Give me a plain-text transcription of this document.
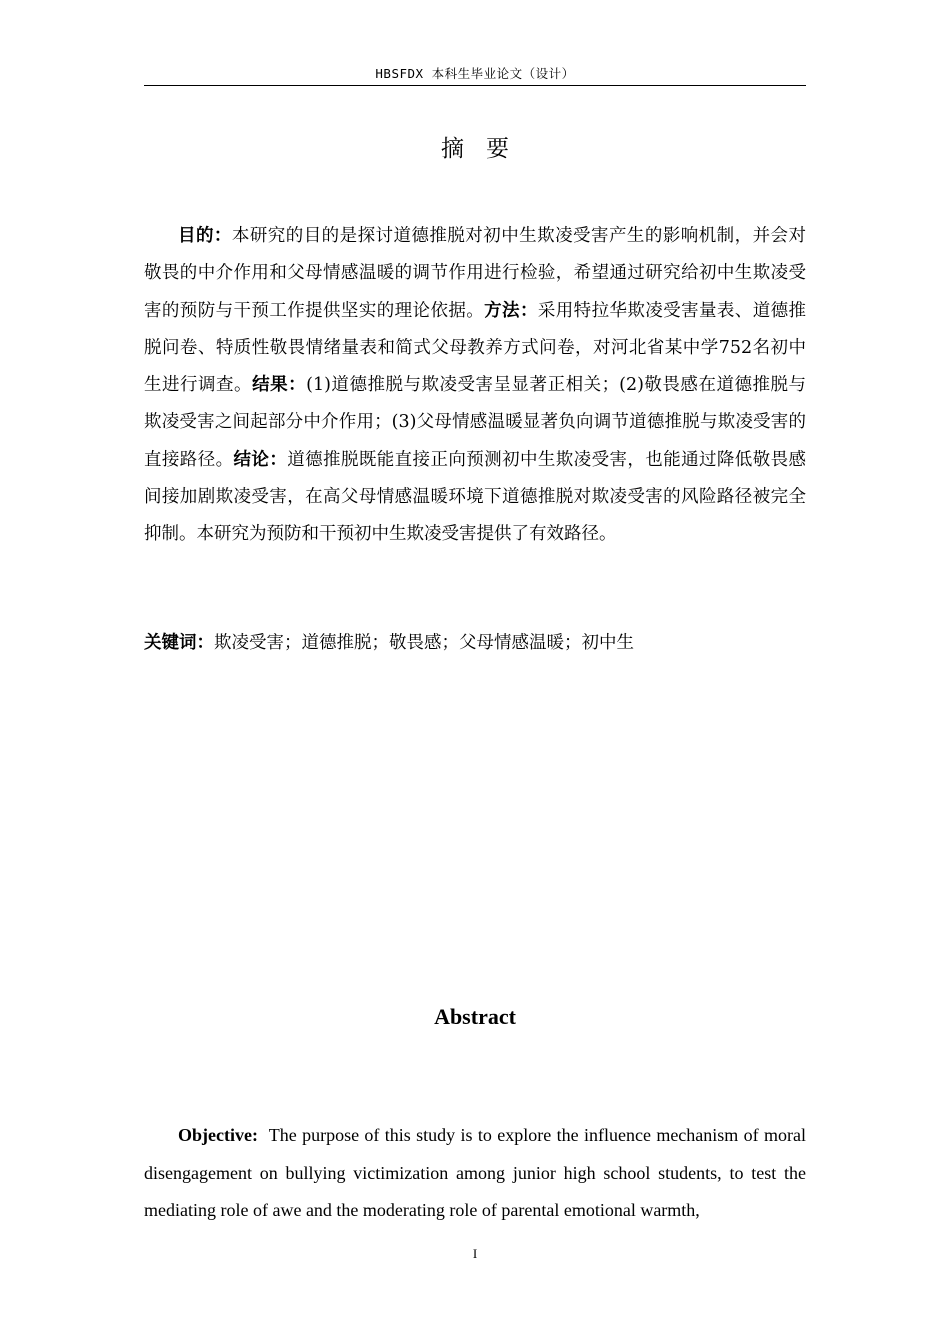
HBSFDX 本科生毕业论文（设计）
摘要
目的：本研究的目的是探讨道德推脱对初中生欺凌受害产生的影响机制，并会对敬畏的中介作用和父母情感温暖的调节作用进行检验，希望通过研究给初中生欺凌受害的预防与干预工作提供坚实的理论依据。方法：采用特拉华欺凌受害量表、道德推脱问卷、特质性敬畏情绪量表和简式父母教养方式问卷，对河北省某中学752名初中生进行调查。结果：(1)道德推脱与欺凌受害呈显著正相关；(2)敬畏感在道德推脱与欺凌受害之间起部分中介作用；(3)父母情感温暖显著负向调节道德推脱与欺凌受害的直接路径。结论：道德推脱既能直接正向预测初中生欺凌受害，也能通过降低敬畏感间接加剧欺凌受害，在高父母情感温暖环境下道德推脱对欺凌受害的风险路径被完全抑制。本研究为预防和干预初中生欺凌受害提供了有效路径。
关键词：欺凌受害；道德推脱；敬畏感；父母情感温暖；初中生
Abstract
Objective: The purpose of this study is to explore the influence mechanism of moral disengagement on bullying victimization among junior high school students, to test the mediating role of awe and the moderating role of parental emotional warmth,
I
